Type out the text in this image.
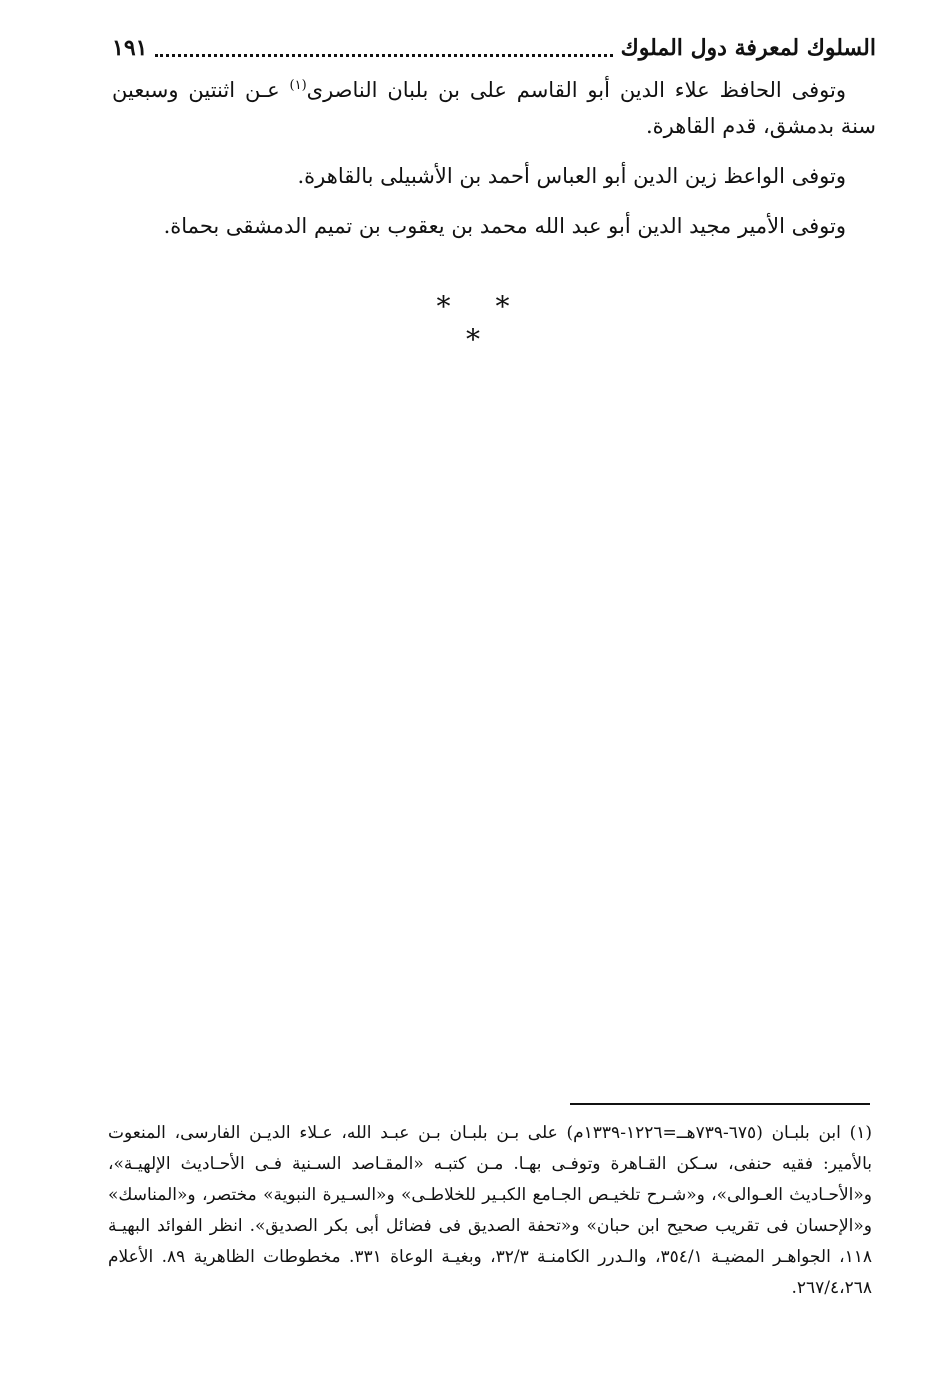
السلوك لمعرفة دول الملوك
١٩١

وتوفى الحافظ علاء الدين أبو القاسم على بن بلبان الناصرى$^{(١)}$ عـن اثنتين وسبعين سنة بدمشق، قدم القاهرة.

وتوفى الواعظ زين الدين أبو العباس أحمد بن الأشبيلى بالقاهرة.

وتوفى الأمير مجيد الدين أبو عبد الله محمد بن يعقوب بن تميم الدمشقى بحماة.

* * *

(١) ابن بلبـان (٦٧٥-٧٣٩هــ=١٢٢٦-١٣٣٩م) على بـن بلبـان بـن عبـد الله، عـلاء الديـن الفارسى، المنعوت بالأمير: فقيه حنفى، سـكن القـاهرة وتوفـى بهـا. مـن كتبـه «المقـاصد السـنية فـى الأحـاديث الإلهيـة»، و«الأحـاديث العـوالى»، و«شـرح تلخيـص الجـامع الكبـير للخلاطـى» و«السـيرة النبوية» مختصر، و«المناسك» و«الإحسان فى تقريب صحيح ابن حبان» و«تحفة الصديق فى فضائل أبى بكر الصديق». انظر الفوائد البهيـة ١١٨، الجواهـر المضيـة ٣٥٤/١، والـدرر الكامنـة ٣٢/٣، وبغيـة الوعاة ٣٣١. مخطوطات الظاهرية ٨٩. الأعلام ٢٦٧/٤،٢٦٨.
